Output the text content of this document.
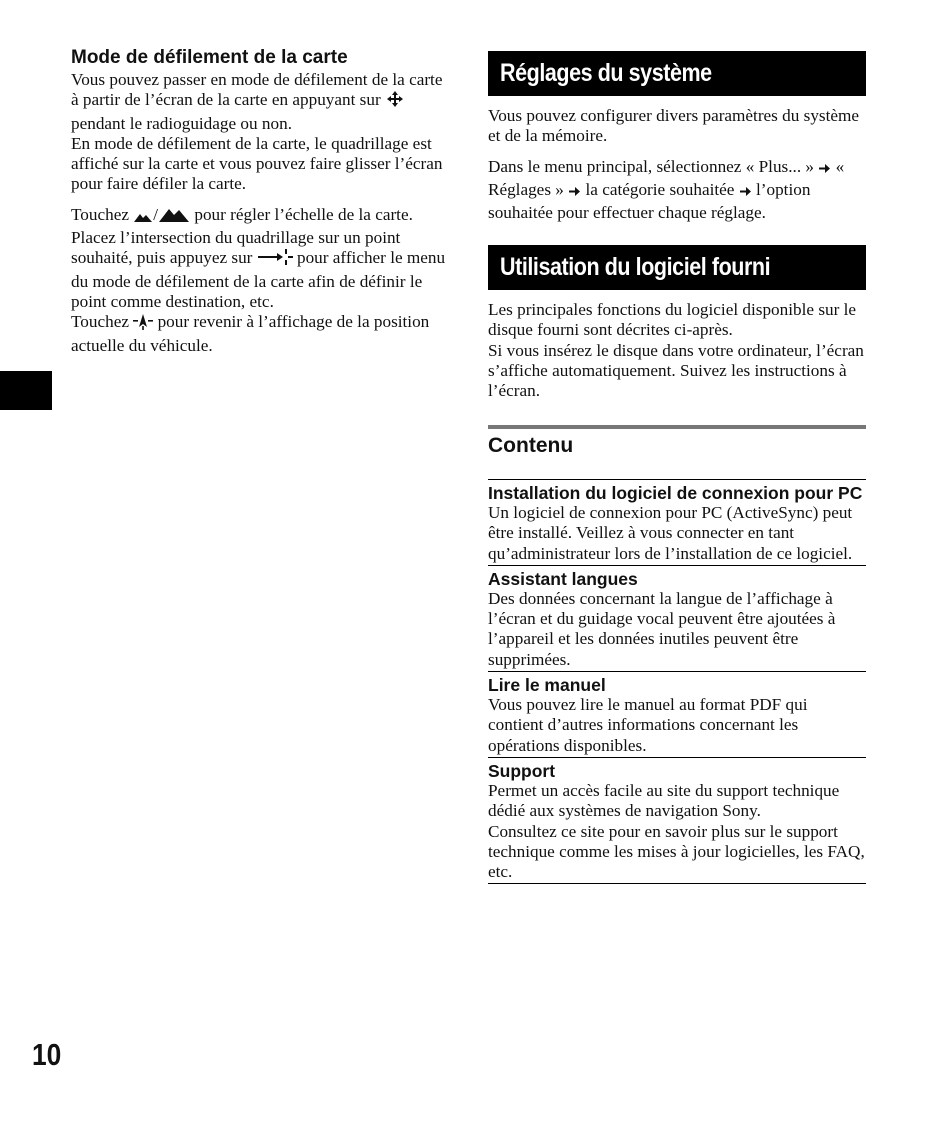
Mode de défilement de la carte

Vous pouvez passer en mode de défilement de la carte à partir de l’écran de la carte en appuyant sur  pendant le radioguidage ou non.

En mode de défilement de la carte, le quadrillage est affiché sur la carte et vous pouvez faire glisser l’écran pour faire défiler la carte.

Touchez / pour régler l’échelle de la carte.

Placez l’intersection du quadrillage sur un point souhaité, puis appuyez sur	pour afficher le menu du mode de défilement de la carte afin de définir le point comme destination, etc.

Touchez pour revenir à l’affichage de la position actuelle du véhicule.

Réglages du système

Vous pouvez configurer divers paramètres du système et de la mémoire.

Dans le menu principal, sélectionnez « Plus... » « Réglages » la catégorie souhaitée l’option souhaitée pour effectuer chaque réglage.

Utilisation du logiciel fourni

Les principales fonctions du logiciel disponible sur le disque fourni sont décrites ci-après.

Si vous insérez le disque dans votre ordinateur, l’écran s’affiche automatiquement. Suivez les instructions à l’écran.

Contenu
Installation du logiciel de connexion pour PC

Un logiciel de connexion pour PC (ActiveSync) peut être installé. Veillez à vous connecter en tant qu’administrateur lors de l’installation de ce logiciel.

Assistant langues

Des données concernant la langue de l’affichage à l’écran et du guidage vocal peuvent être ajoutées à l’appareil et les données inutiles peuvent être supprimées.

Lire le manuel

Vous pouvez lire le manuel au format PDF qui contient d’autres informations concernant les opérations disponibles.

Support

Permet un accès facile au site du support technique dédié aux systèmes de navigation Sony.

Consultez ce site pour en savoir plus sur le support technique comme les mises à jour logicielles, les FAQ, etc.

10
